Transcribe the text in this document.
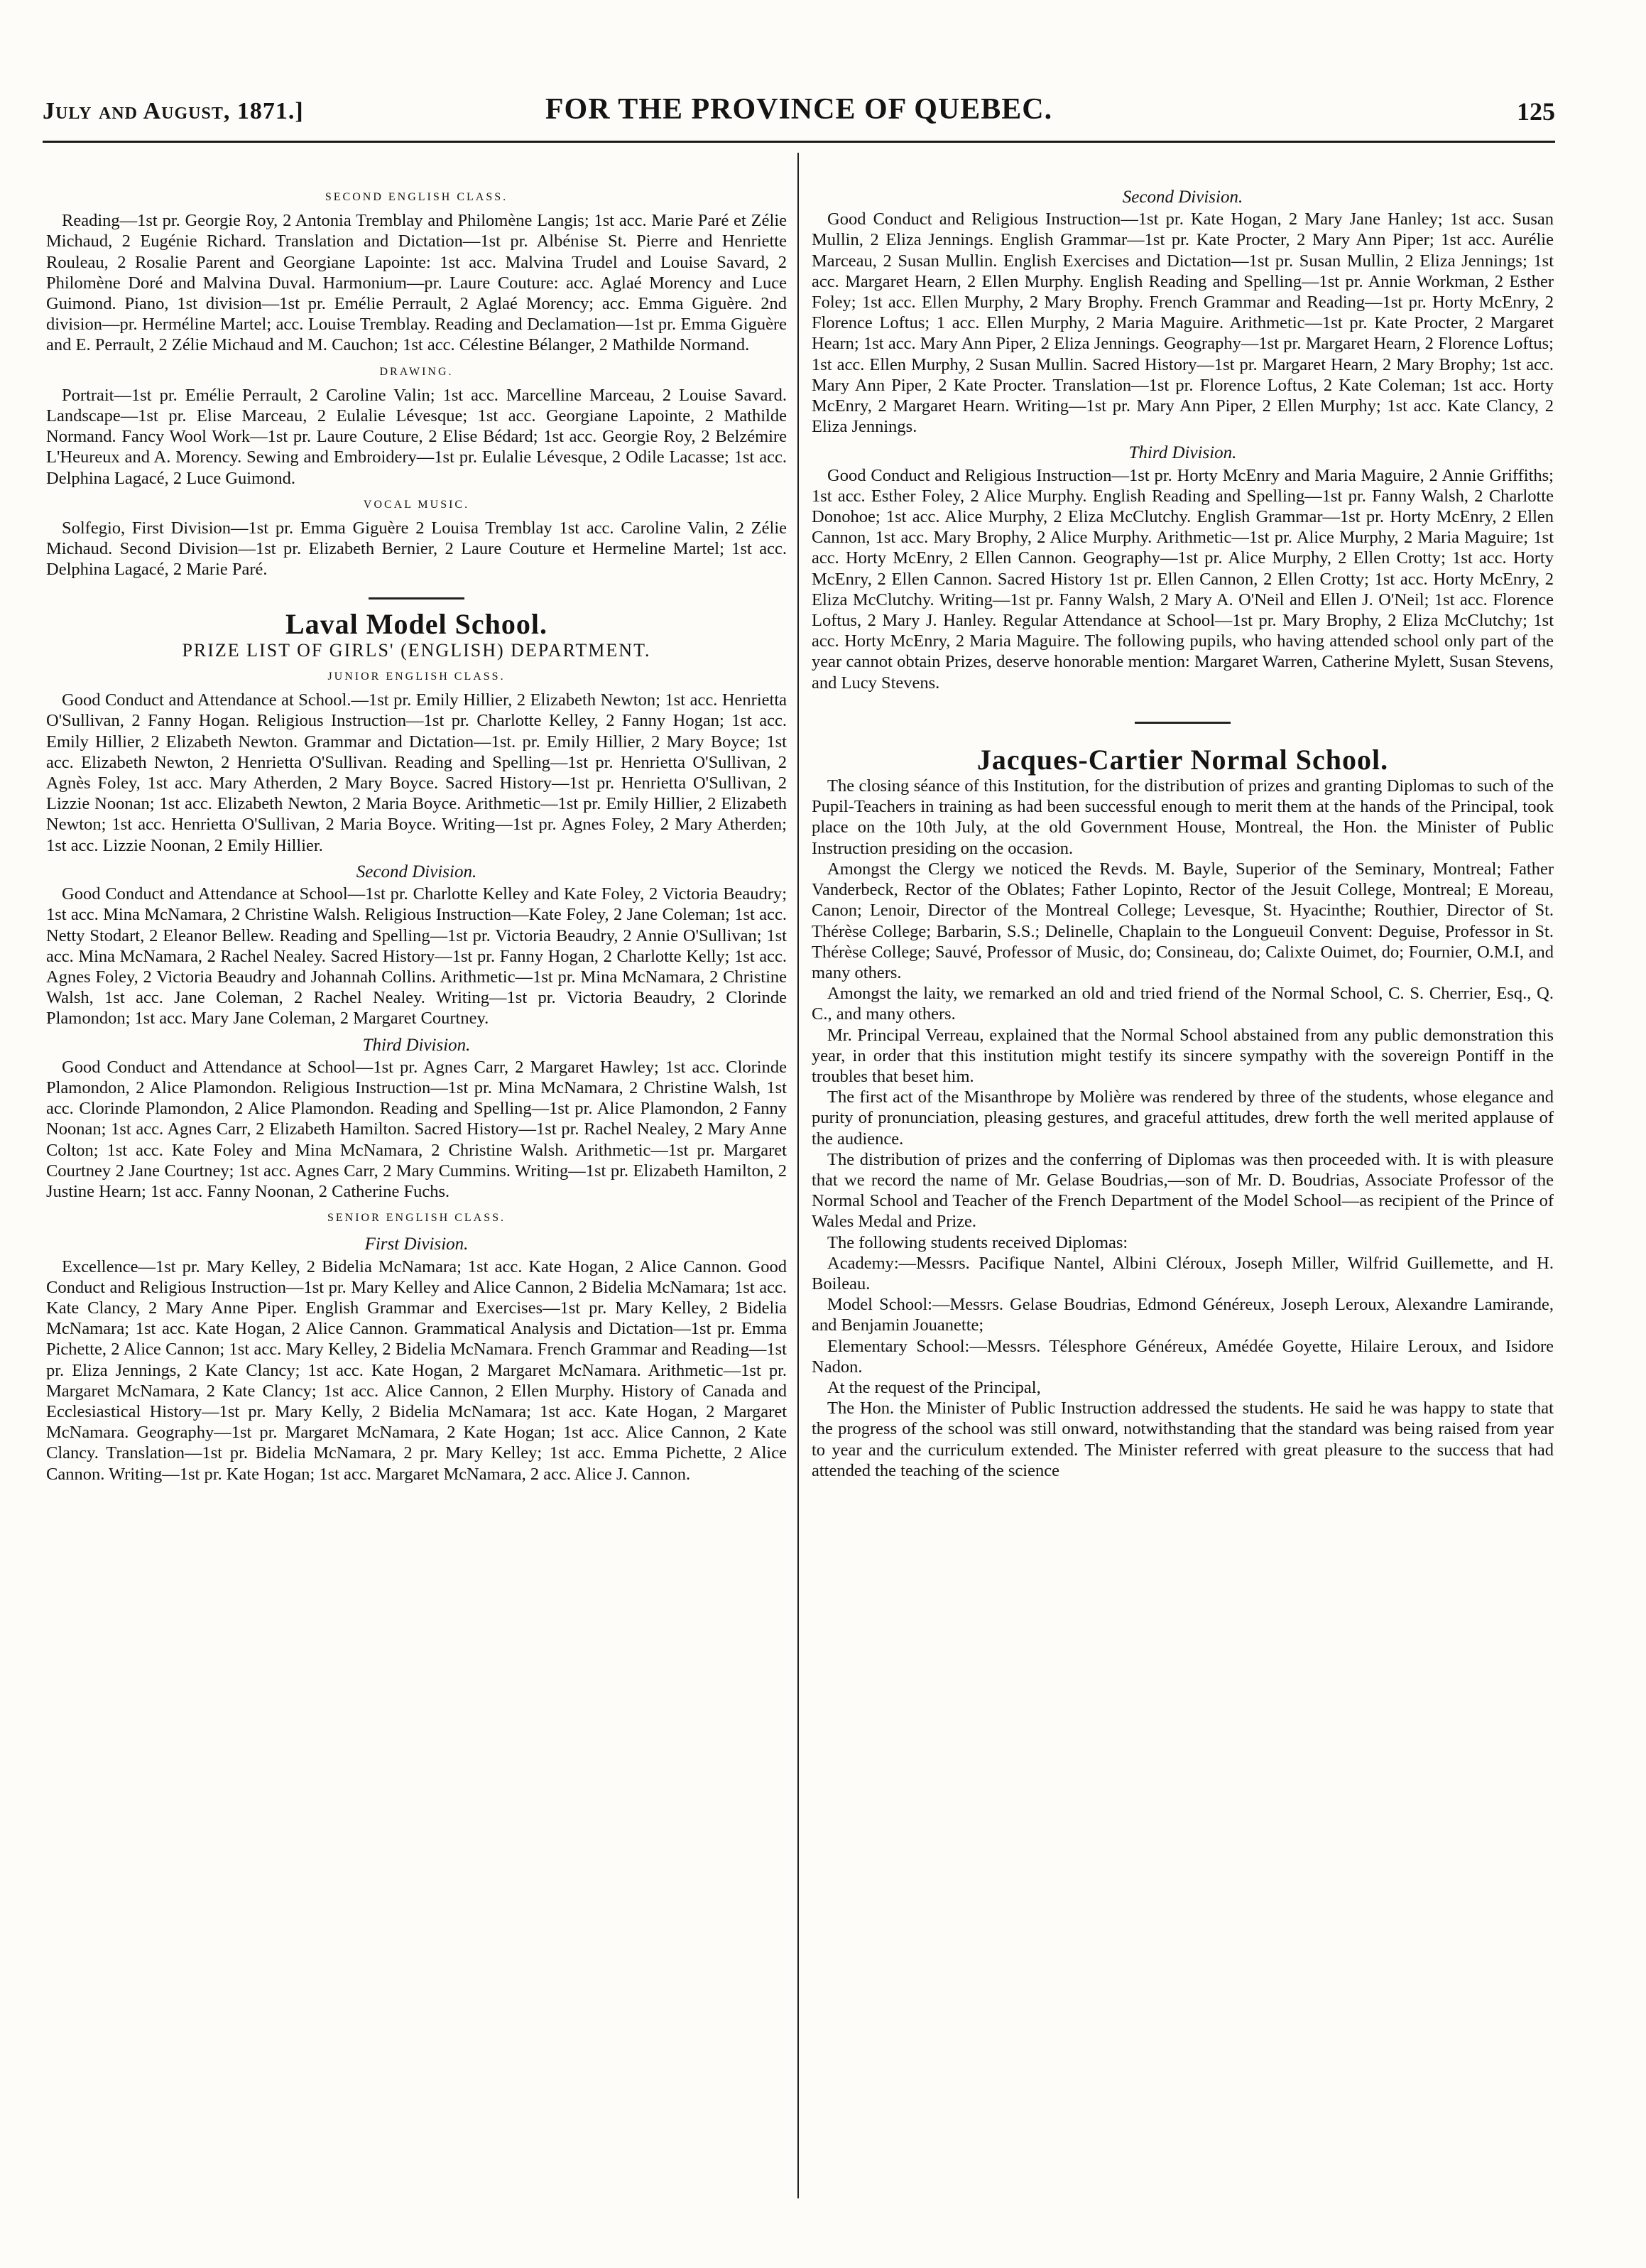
July and August, 1871.]	FOR THE PROVINCE OF QUEBEC.	125
SECOND ENGLISH CLASS.

Reading—1st pr. Georgie Roy, 2 Antonia Tremblay and Philomène Langis; 1st acc. Marie Paré et Zélie Michaud, 2 Eugénie Richard. Translation and Dictation—1st pr. Albénise St. Pierre and Henriette Rouleau, 2 Rosalie Parent and Georgiane Lapointe: 1st acc. Malvina Trudel and Louise Savard, 2 Philomène Doré and Malvina Duval. Harmonium—pr. Laure Couture: acc. Aglaé Morency and Luce Guimond. Piano, 1st division—1st pr. Emélie Perrault, 2 Aglaé Morency; acc. Emma Giguère. 2nd division—pr. Herméline Martel; acc. Louise Tremblay. Reading and Declamation—1st pr. Emma Giguère and E. Perrault, 2 Zélie Michaud and M. Cauchon; 1st acc. Célestine Bélanger, 2 Mathilde Normand.

DRAWING.

Portrait—1st pr. Emélie Perrault, 2 Caroline Valin; 1st acc. Marcelline Marceau, 2 Louise Savard. Landscape—1st pr. Elise Marceau, 2 Eulalie Lévesque; 1st acc. Georgiane Lapointe, 2 Mathilde Normand. Fancy Wool Work—1st pr. Laure Couture, 2 Elise Bédard; 1st acc. Georgie Roy, 2 Belzémire L'Heureux and A. Morency. Sewing and Embroidery—1st pr. Eulalie Lévesque, 2 Odile Lacasse; 1st acc. Delphina Lagacé, 2 Luce Guimond.

VOCAL MUSIC.

Solfegio, First Division—1st pr. Emma Giguère 2 Louisa Tremblay 1st acc. Caroline Valin, 2 Zélie Michaud. Second Division—1st pr. Elizabeth Bernier, 2 Laure Couture et Hermeline Martel; 1st acc. Delphina Lagacé, 2 Marie Paré.

Laval Model School.
PRIZE LIST OF GIRLS' (ENGLISH) DEPARTMENT.
JUNIOR ENGLISH CLASS.

Good Conduct and Attendance at School.—1st pr. Emily Hillier, 2 Elizabeth Newton; 1st acc. Henrietta O'Sullivan, 2 Fanny Hogan. Religious Instruction—1st pr. Charlotte Kelley, 2 Fanny Hogan; 1st acc. Emily Hillier, 2 Elizabeth Newton. Grammar and Dictation—1st. pr. Emily Hillier, 2 Mary Boyce; 1st acc. Elizabeth Newton, 2 Henrietta O'Sullivan. Reading and Spelling—1st pr. Henrietta O'Sullivan, 2 Agnès Foley, 1st acc. Mary Atherden, 2 Mary Boyce. Sacred History—1st pr. Henrietta O'Sullivan, 2 Lizzie Noonan; 1st acc. Elizabeth Newton, 2 Maria Boyce. Arithmetic—1st pr. Emily Hillier, 2 Elizabeth Newton; 1st acc. Henrietta O'Sullivan, 2 Maria Boyce. Writing—1st pr. Agnes Foley, 2 Mary Atherden; 1st acc. Lizzie Noonan, 2 Emily Hillier.

Second Division.

Good Conduct and Attendance at School—1st pr. Charlotte Kelley and Kate Foley, 2 Victoria Beaudry; 1st acc. Mina McNamara, 2 Christine Walsh. Religious Instruction—Kate Foley, 2 Jane Coleman; 1st acc. Netty Stodart, 2 Eleanor Bellew. Reading and Spelling—1st pr. Victoria Beaudry, 2 Annie O'Sullivan; 1st acc. Mina McNamara, 2 Rachel Nealey. Sacred History—1st pr. Fanny Hogan, 2 Charlotte Kelly; 1st acc. Agnes Foley, 2 Victoria Beaudry and Johannah Collins. Arithmetic—1st pr. Mina McNamara, 2 Christine Walsh, 1st acc. Jane Coleman, 2 Rachel Nealey. Writing—1st pr. Victoria Beaudry, 2 Clorinde Plamondon; 1st acc. Mary Jane Coleman, 2 Margaret Courtney.

Third Division.

Good Conduct and Attendance at School—1st pr. Agnes Carr, 2 Margaret Hawley; 1st acc. Clorinde Plamondon, 2 Alice Plamondon. Religious Instruction—1st pr. Mina McNamara, 2 Christine Walsh, 1st acc. Clorinde Plamondon, 2 Alice Plamondon. Reading and Spelling—1st pr. Alice Plamondon, 2 Fanny Noonan; 1st acc. Agnes Carr, 2 Elizabeth Hamilton. Sacred History—1st pr. Rachel Nealey, 2 Mary Anne Colton; 1st acc. Kate Foley and Mina McNamara, 2 Christine Walsh. Arithmetic—1st pr. Margaret Courtney 2 Jane Courtney; 1st acc. Agnes Carr, 2 Mary Cummins. Writing—1st pr. Elizabeth Hamilton, 2 Justine Hearn; 1st acc. Fanny Noonan, 2 Catherine Fuchs.

SENIOR ENGLISH CLASS.
First Division.

Excellence—1st pr. Mary Kelley, 2 Bidelia McNamara; 1st acc. Kate Hogan, 2 Alice Cannon. Good Conduct and Religious Instruction—1st pr. Mary Kelley and Alice Cannon, 2 Bidelia McNamara; 1st acc. Kate Clancy, 2 Mary Anne Piper. English Grammar and Exercises—1st pr. Mary Kelley, 2 Bidelia McNamara; 1st acc. Kate Hogan, 2 Alice Cannon. Grammatical Analysis and Dictation—1st pr. Emma Pichette, 2 Alice Cannon; 1st acc. Mary Kelley, 2 Bidelia McNamara. French Grammar and Reading—1st pr. Eliza Jennings, 2 Kate Clancy; 1st acc. Kate Hogan, 2 Margaret McNamara. Arithmetic—1st pr. Margaret McNamara, 2 Kate Clancy; 1st acc. Alice Cannon, 2 Ellen Murphy. History of Canada and Ecclesiastical History—1st pr. Mary Kelly, 2 Bidelia McNamara; 1st acc. Kate Hogan, 2 Margaret McNamara. Geography—1st pr. Margaret McNamara, 2 Kate Hogan; 1st acc. Alice Cannon, 2 Kate Clancy. Translation—1st pr. Bidelia McNamara, 2 pr. Mary Kelley; 1st acc. Emma Pichette, 2 Alice Cannon. Writing—1st pr. Kate Hogan; 1st acc. Margaret McNamara, 2 acc. Alice J. Cannon.

Second Division.

Good Conduct and Religious Instruction—1st pr. Kate Hogan, 2 Mary Jane Hanley; 1st acc. Susan Mullin, 2 Eliza Jennings. English Grammar—1st pr. Kate Procter, 2 Mary Ann Piper; 1st acc. Aurélie Marceau, 2 Susan Mullin. English Exercises and Dictation—1st pr. Susan Mullin, 2 Eliza Jennings; 1st acc. Margaret Hearn, 2 Ellen Murphy. English Reading and Spelling—1st pr. Annie Workman, 2 Esther Foley; 1st acc. Ellen Murphy, 2 Mary Brophy. French Grammar and Reading—1st pr. Horty McEnry, 2 Florence Loftus; 1 acc. Ellen Murphy, 2 Maria Maguire. Arithmetic—1st pr. Kate Procter, 2 Margaret Hearn; 1st acc. Mary Ann Piper, 2 Eliza Jennings. Geography—1st pr. Margaret Hearn, 2 Florence Loftus; 1st acc. Ellen Murphy, 2 Susan Mullin. Sacred History—1st pr. Margaret Hearn, 2 Mary Brophy; 1st acc. Mary Ann Piper, 2 Kate Procter. Translation—1st pr. Florence Loftus, 2 Kate Coleman; 1st acc. Horty McEnry, 2 Margaret Hearn. Writing—1st pr. Mary Ann Piper, 2 Ellen Murphy; 1st acc. Kate Clancy, 2 Eliza Jennings.

Third Division.

Good Conduct and Religious Instruction—1st pr. Horty McEnry and Maria Maguire, 2 Annie Griffiths; 1st acc. Esther Foley, 2 Alice Murphy. English Reading and Spelling—1st pr. Fanny Walsh, 2 Charlotte Donohoe; 1st acc. Alice Murphy, 2 Eliza McClutchy. English Grammar—1st pr. Horty McEnry, 2 Ellen Cannon, 1st acc. Mary Brophy, 2 Alice Murphy. Arithmetic—1st pr. Alice Murphy, 2 Maria Maguire; 1st acc. Horty McEnry, 2 Ellen Cannon. Geography—1st pr. Alice Murphy, 2 Ellen Crotty; 1st acc. Horty McEnry, 2 Ellen Cannon. Sacred History 1st pr. Ellen Cannon, 2 Ellen Crotty; 1st acc. Horty McEnry, 2 Eliza McClutchy. Writing—1st pr. Fanny Walsh, 2 Mary A. O'Neil and Ellen J. O'Neil; 1st acc. Florence Loftus, 2 Mary J. Hanley. Regular Attendance at School—1st pr. Mary Brophy, 2 Eliza McClutchy; 1st acc. Horty McEnry, 2 Maria Maguire. The following pupils, who having attended school only part of the year cannot obtain Prizes, deserve honorable mention: Margaret Warren, Catherine Mylett, Susan Stevens, and Lucy Stevens.

Jacques-Cartier Normal School.

The closing séance of this Institution, for the distribution of prizes and granting Diplomas to such of the Pupil-Teachers in training as had been successful enough to merit them at the hands of the Principal, took place on the 10th July, at the old Government House, Montreal, the Hon. the Minister of Public Instruction presiding on the occasion.

Amongst the Clergy we noticed the Revds. M. Bayle, Superior of the Seminary, Montreal; Father Vanderbeck, Rector of the Oblates; Father Lopinto, Rector of the Jesuit College, Montreal; E Moreau, Canon; Lenoir, Director of the Montreal College; Levesque, St. Hyacinthe; Routhier, Director of St. Thérèse College; Barbarin, S.S.; Delinelle, Chaplain to the Longueuil Convent: Deguise, Professor in St. Thérèse College; Sauvé, Professor of Music, do; Consineau, do; Calixte Ouimet, do; Fournier, O.M.I, and many others.

Amongst the laity, we remarked an old and tried friend of the Normal School, C. S. Cherrier, Esq., Q. C., and many others.

Mr. Principal Verreau, explained that the Normal School abstained from any public demonstration this year, in order that this institution might testify its sincere sympathy with the sovereign Pontiff in the troubles that beset him.

The first act of the Misanthrope by Molière was rendered by three of the students, whose elegance and purity of pronunciation, pleasing gestures, and graceful attitudes, drew forth the well merited applause of the audience.

The distribution of prizes and the conferring of Diplomas was then proceeded with. It is with pleasure that we record the name of Mr. Gelase Boudrias,—son of Mr. D. Boudrias, Associate Professor of the Normal School and Teacher of the French Department of the Model School—as recipient of the Prince of Wales Medal and Prize.

The following students received Diplomas:

Academy:—Messrs. Pacifique Nantel, Albini Cléroux, Joseph Miller, Wilfrid Guillemette, and H. Boileau.

Model School:—Messrs. Gelase Boudrias, Edmond Généreux, Joseph Leroux, Alexandre Lamirande, and Benjamin Jouanette;

Elementary School:—Messrs. Télesphore Généreux, Amédée Goyette, Hilaire Leroux, and Isidore Nadon.

At the request of the Principal,

The Hon. the Minister of Public Instruction addressed the students. He said he was happy to state that the progress of the school was still onward, notwithstanding that the standard was being raised from year to year and the curriculum extended. The Minister referred with great pleasure to the success that had attended the teaching of the science
